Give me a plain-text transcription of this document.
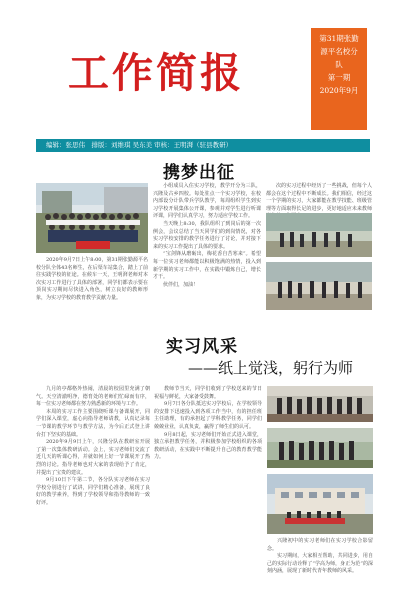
工作简报
第31期张勤
源平名校分
队
第一期
2020年9月
编辑：张思伟　排版：刘维琪 吴东美 审核：王明湃（驻县教研）
携梦出征
2020年9月7日上午8:00，第31期张勤源平名校分队全体43名师生，在后渠车站集合，踏上了前往实践学校的征途。在候车一天，王明湃老师对本次实习工作进行了具体的部署，同学们都表示要在顶岗实习期间尽快进入角色，树立良好的教师形象，为实习学校的教育教学贡献力量。

小组成员入住实习学校，教学开分为三队，兴隆及古乡四校。每处驻点一个实习学校，在校内部设分计队带兵学队教学，每周组织学生到实习学校开展集体公开课，参观并对学生进行听课评课，同学们认真学习，努力适应学校工作。

当天晚上8:30，我队组织了到岗后的第一次例会，会议总结了当天同学们的到岗情况，对各实习学校安排的教学任务进行了讨论，并对接下来的实习工作提出了具体的要求。

“宝剑锋从磨砺出，梅花香自苦寒来”。希望每一位实习老师都能以积极饱满的热情，投入到新学期的实习工作中，在实践中锻炼自己，增长才干。

伙伴们，加油！

次的实习过程中经历了一些挑战，但每个人都会在这个过程中不断成长。我们相信，经过这一个学期的实习，大家都能在教学技能、班级管理等方面取得长足的进步，更好地适应未来教师

实习风采
——纸上觉浅，躬行为师

九月的亭都格外热闹，清晨的校园里充满了朝气。天空清澈明净，德育处的老师们忙碌而有序，每一位实习老师都在努力熟悉新的环境与工作。

本周的实习工作主要围绕听课与备课展开，同学们深入课堂，虚心向指导老师请教，认真记录每一节课的教学环节与教学方法，为今后正式登上讲台打下坚实的基础。

2020年9月9日上午，兴隆分队在教研室开展了第一次集体教研活动。会上，实习老师们交流了近几天的听课心得，并就如何上好一节课展开了热烈的讨论。指导老师也对大家的表现给予了肯定，并提出了宝贵的建议。

9月10日下午第二节，各分队实习老师在实习学校分别进行了试讲，同学们精心准备，展现了良好的教学素养，得到了学校领导和指导教师的一致好评。

教师节当天，同学们收到了学校送来的节日祝福与鲜花，大家备受鼓舞。

9月7日各分队抵达实习学校后，在学校领导的安排下迅速投入到各项工作当中，有的担任班主任助理，有的承担起了学科教学任务，同学们兢兢业业，认真负责，赢得了师生们的认可。

9月8日起，实习老师们开始正式进入课堂，独立承担教学任务，并积极参加学校组织的各项教研活动，在实践中不断提升自己的教育教学能力。

兴隆初中的实习老师们在实习学校合影留念。

实习期间，大家相互帮助，共同进步，用自己的实际行动诠释了“学高为师，身正为范”的深刻内涵，展现了新时代青年教师的风采。
